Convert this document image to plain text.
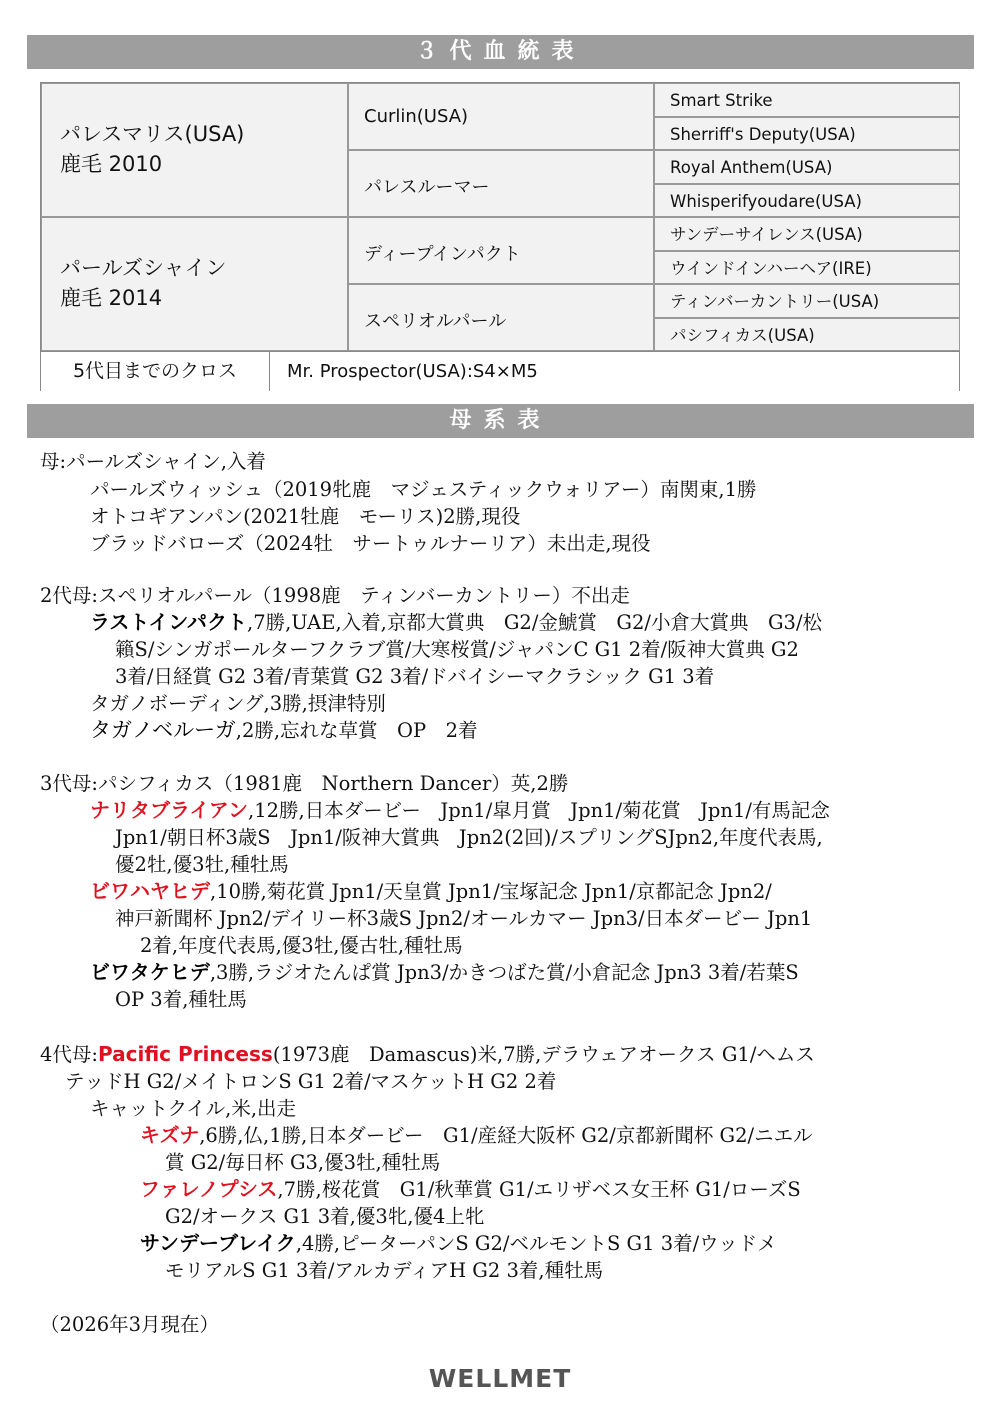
３代血統表
パレスマリス(USA)
鹿毛 2010
パールズシャイン
鹿毛 2014
Curlin(USA)
パレスルーマー
ディープインパクト
スペリオルパール
Smart Strike
Sherriff's Deputy(USA)
Royal Anthem(USA)
Whisperifyoudare(USA)
サンデーサイレンス(USA)
ウインドインハーヘア(IRE)
ティンバーカントリー(USA)
パシフィカス(USA)
5代目までのクロス	Mr. Prospector(USA):S4×M5
母系表
母:パールズシャイン,入着
パールズウィッシュ（2019牝鹿　マジェスティックウォリアー）南関東,1勝
オトコギアンパン(2021牡鹿　モーリス)2勝,現役
ブラッドバローズ（2024牡　サートゥルナーリア）未出走,現役
2代母:スペリオルパール（1998鹿　ティンバーカントリー）不出走
ラストインパクト,7勝,UAE,入着,京都大賞典　G2/金鯱賞　G2/小倉大賞典　G3/松
籟S/シンガポールターフクラブ賞/大寒桜賞/ジャパンC G1 2着/阪神大賞典 G2
3着/日経賞 G2 3着/青葉賞 G2 3着/ドバイシーマクラシック G1 3着
タガノボーディング,3勝,摂津特別
タガノベルーガ,2勝,忘れな草賞　OP　2着
3代母:パシフィカス（1981鹿　Northern Dancer）英,2勝
ナリタブライアン,12勝,日本ダービー　Jpn1/皐月賞　Jpn1/菊花賞　Jpn1/有馬記念
Jpn1/朝日杯3歳S　Jpn1/阪神大賞典　Jpn2(2回)/スプリングSJpn2,年度代表馬,
優2牡,優3牡,種牡馬
ビワハヤヒデ,10勝,菊花賞 Jpn1/天皇賞 Jpn1/宝塚記念 Jpn1/京都記念 Jpn2/
神戸新聞杯 Jpn2/デイリー杯3歳S Jpn2/オールカマー Jpn3/日本ダービー Jpn1
2着,年度代表馬,優3牡,優古牡,種牡馬
ビワタケヒデ,3勝,ラジオたんぱ賞 Jpn3/かきつばた賞/小倉記念 Jpn3 3着/若葉S
OP 3着,種牡馬
4代母:Pacific Princess(1973鹿　Damascus)米,7勝,デラウェアオークス G1/ヘムス
テッドH G2/メイトロンS G1 2着/マスケットH G2 2着
キャットクイル,米,出走
キズナ,6勝,仏,1勝,日本ダービー　G1/産経大阪杯 G2/京都新聞杯 G2/ニエル
賞 G2/毎日杯 G3,優3牡,種牡馬
ファレノプシス,7勝,桜花賞　G1/秋華賞 G1/エリザベス女王杯 G1/ローズS
G2/オークス G1 3着,優3牝,優4上牝
サンデーブレイク,4勝,ピーターパンS G2/ベルモントS G1 3着/ウッドメ
モリアルS G1 3着/アルカディアH G2 3着,種牡馬
（2026年3月現在）
WELLMET
